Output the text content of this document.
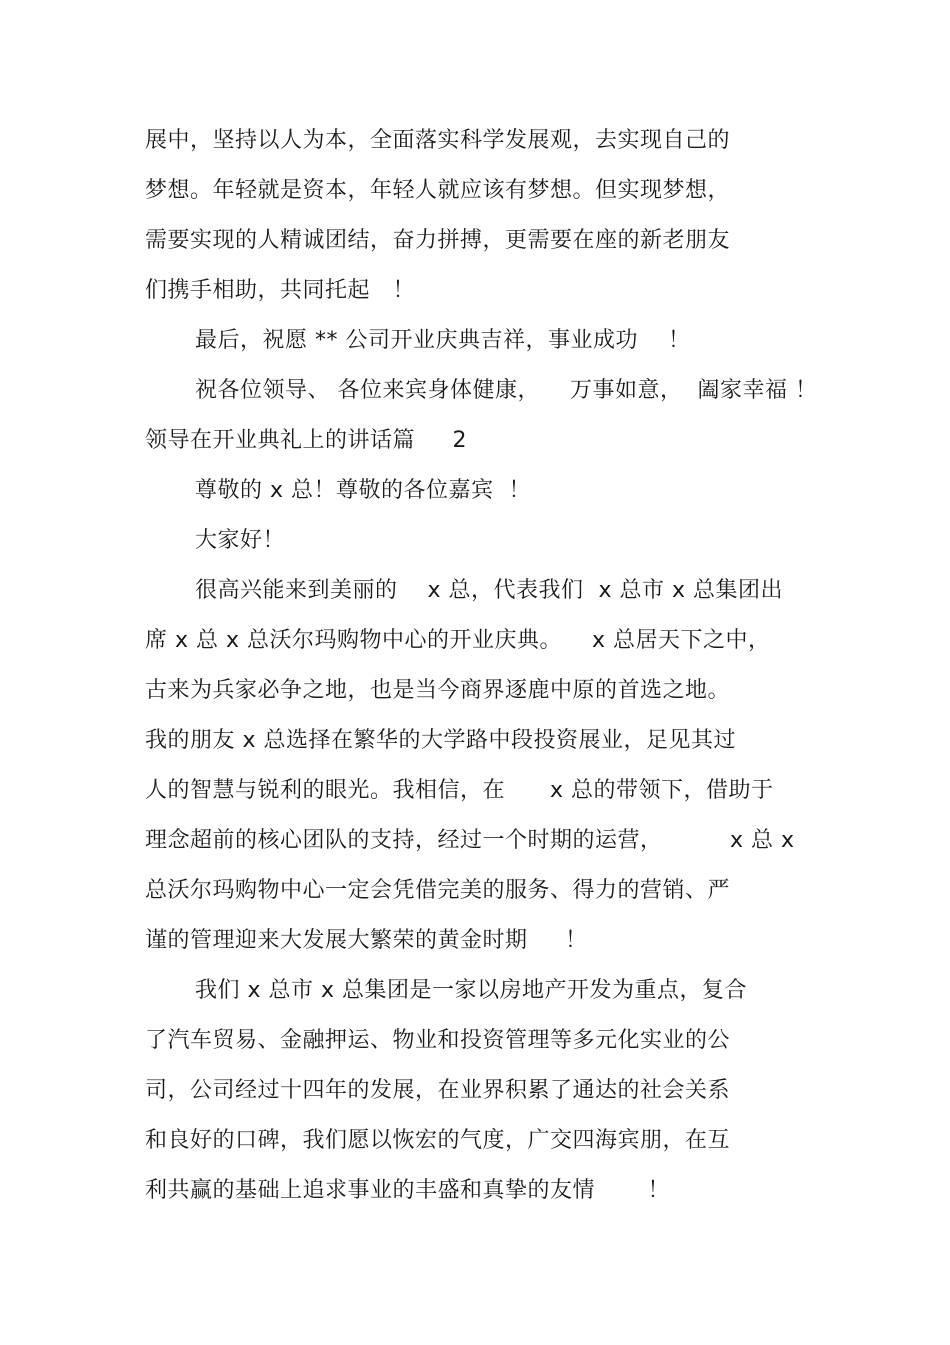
展中，坚持以人为本，全面落实科学发展观，去实现自己的
梦想。年轻就是资本，年轻人就应该有梦想。但实现梦想，
需要实现的人精诚团结，奋力拼搏，更需要在座的新老朋友
们携手相助，共同托起   ！
最后，祝愿 ** 公司开业庆典吉祥，事业成功    ！
祝各位领导、 各位来宾身体健康，    万事如意，  阖家幸福 ！
领导在开业典礼上的讲话篇     2
尊敬的 x 总！尊敬的各位嘉宾  ！
大家好！
很高兴能来到美丽的    x 总，代表我们  x 总市 x 总集团出
席 x 总 x 总沃尔玛购物中心的开业庆典。    x 总居天下之中，
古来为兵家必争之地，也是当今商界逐鹿中原的首选之地。
我的朋友 x 总选择在繁华的大学路中段投资展业，足见其过
人的智慧与锐利的眼光。我相信，在      x 总的带领下，借助于
理念超前的核心团队的支持，经过一个时期的运营，         x 总 x
总沃尔玛购物中心一定会凭借完美的服务、得力的营销、严
谨的管理迎来大发展大繁荣的黄金时期     ！
我们 x 总市 x 总集团是一家以房地产开发为重点，复合
了汽车贸易、金融押运、物业和投资管理等多元化实业的公
司，公司经过十四年的发展，在业界积累了通达的社会关系
和良好的口碑，我们愿以恢宏的气度，广交四海宾朋，在互
利共赢的基础上追求事业的丰盛和真挚的友情       ！
